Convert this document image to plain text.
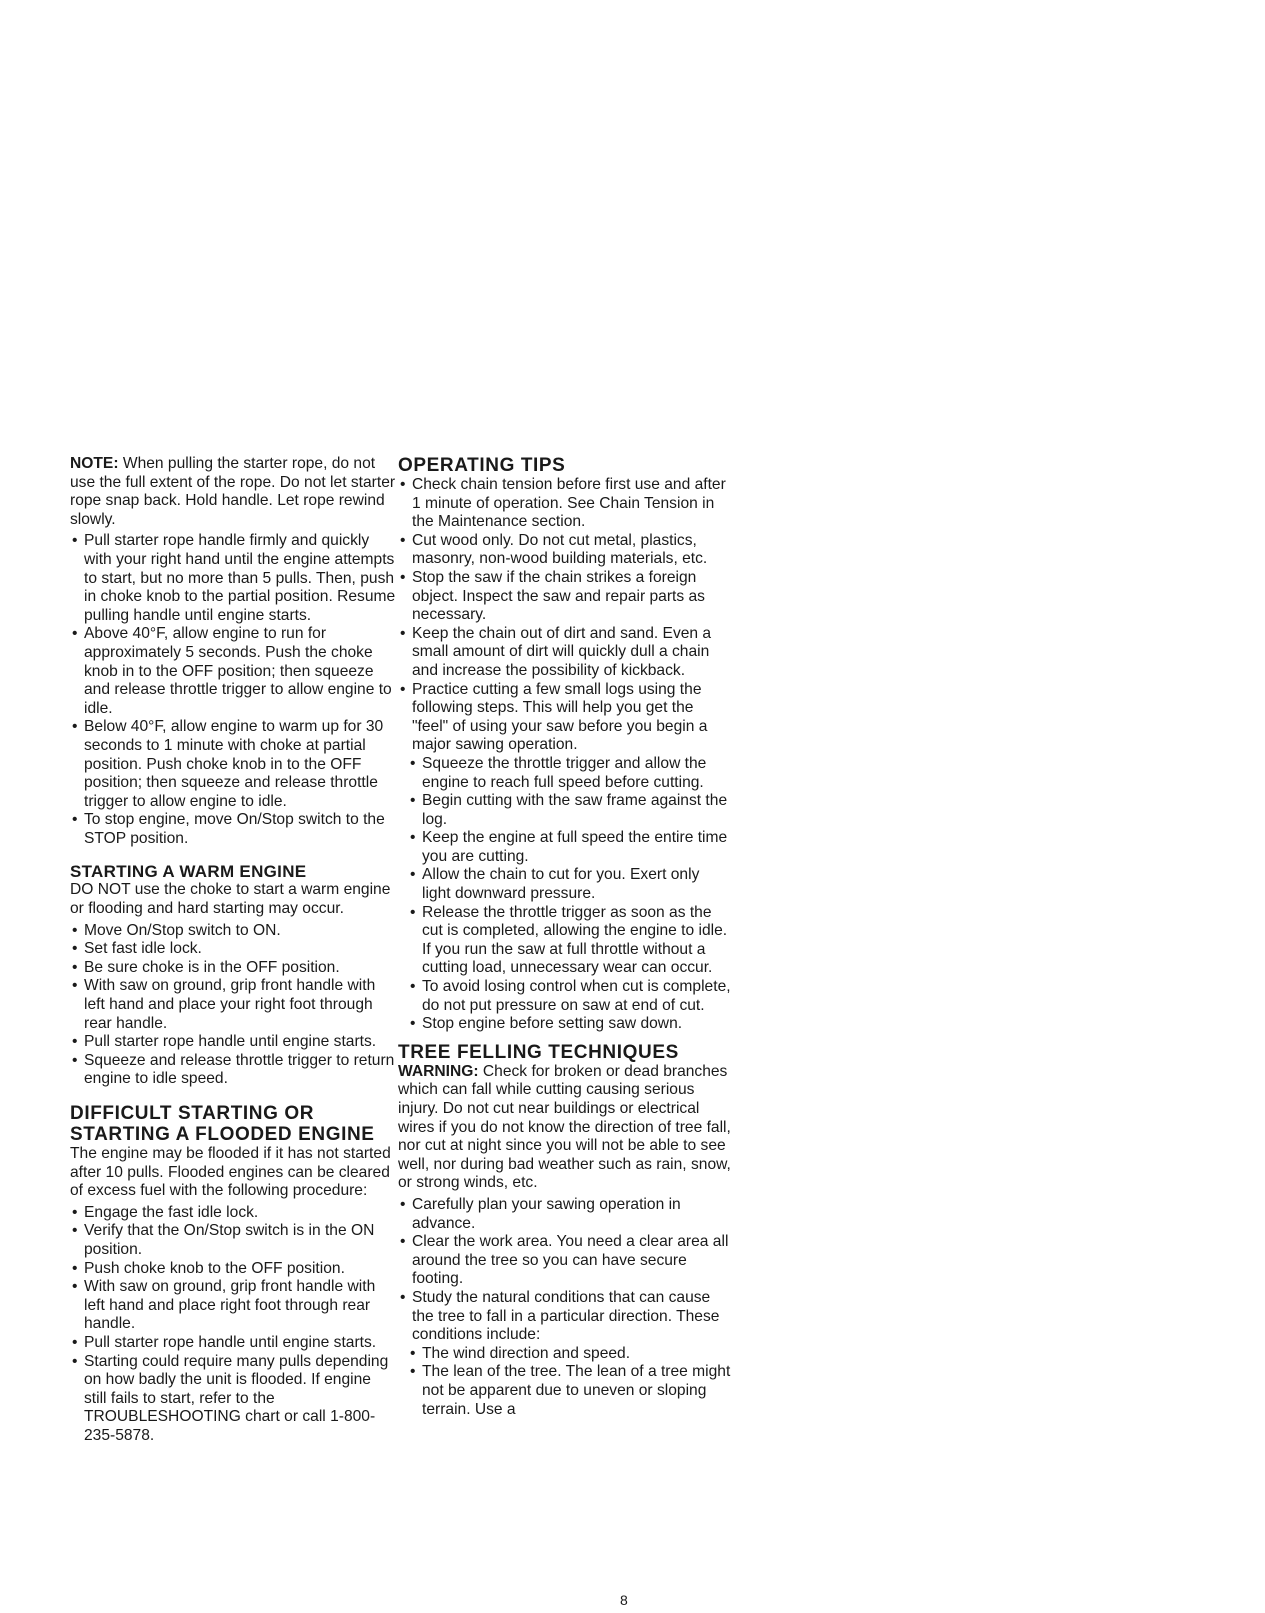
NOTE: When pulling the starter rope, do not use the full extent of the rope. Do not let starter rope snap back. Hold handle. Let rope rewind slowly.

• Pull starter rope handle firmly and quickly with your right hand until the engine attempts to start, but no more than 5 pulls. Then, push in choke knob to the partial position. Resume pulling handle until engine starts.
• Above 40°F, allow engine to run for approximately 5 seconds. Push the choke knob in to the OFF position; then squeeze and release throttle trigger to allow engine to idle.
• Below 40°F, allow engine to warm up for 30 seconds to 1 minute with choke at partial position. Push choke knob in to the OFF position; then squeeze and release throttle trigger to allow engine to idle.
• To stop engine, move On/Stop switch to the STOP position.
STARTING A WARM ENGINE

DO NOT use the choke to start a warm engine or flooding and hard starting may occur.

• Move On/Stop switch to ON.
• Set fast idle lock.
• Be sure choke is in the OFF position.
• With saw on ground, grip front handle with left hand and place your right foot through rear handle.
• Pull starter rope handle until engine starts.
• Squeeze and release throttle trigger to return engine to idle speed.
DIFFICULT STARTING OR
STARTING A FLOODED ENGINE

The engine may be flooded if it has not started after 10 pulls. Flooded engines can be cleared of excess fuel with the following procedure:

• Engage the fast idle lock.
• Verify that the On/Stop switch is in the ON position.
• Push choke knob to the OFF position.
• With saw on ground, grip front handle with left hand and place right foot through rear handle.
• Pull starter rope handle until engine starts.
• Starting could require many pulls depending on how badly the unit is flooded. If engine still fails to start, refer to the TROUBLESHOOTING chart or call 1-800-235-5878.
OPERATING TIPS
• Check chain tension before first use and after 1 minute of operation. See Chain Tension in the Maintenance section.
• Cut wood only. Do not cut metal, plastics, masonry, non-wood building materials, etc.
• Stop the saw if the chain strikes a foreign object. Inspect the saw and repair parts as necessary.
• Keep the chain out of dirt and sand. Even a small amount of dirt will quickly dull a chain and increase the possibility of kickback.
• Practice cutting a few small logs using the following steps. This will help you get the "feel" of using your saw before you begin a major sawing operation.
• Squeeze the throttle trigger and allow the engine to reach full speed before cutting.
• Begin cutting with the saw frame against the log.
• Keep the engine at full speed the entire time you are cutting.
• Allow the chain to cut for you. Exert only light downward pressure.
• Release the throttle trigger as soon as the cut is completed, allowing the engine to idle. If you run the saw at full throttle without a cutting load, unnecessary wear can occur.
• To avoid losing control when cut is complete, do not put pressure on saw at end of cut.
• Stop engine before setting saw down.
TREE FELLING TECHNIQUES

WARNING: Check for broken or dead branches which can fall while cutting causing serious injury. Do not cut near buildings or electrical wires if you do not know the direction of tree fall, nor cut at night since you will not be able to see well, nor during bad weather such as rain, snow, or strong winds, etc.

• Carefully plan your sawing operation in advance.
• Clear the work area. You need a clear area all around the tree so you can have secure footing.
• Study the natural conditions that can cause the tree to fall in a particular direction. These conditions include:
• The wind direction and speed.
• The lean of the tree. The lean of a tree might not be apparent due to uneven or sloping terrain. Use a
8
